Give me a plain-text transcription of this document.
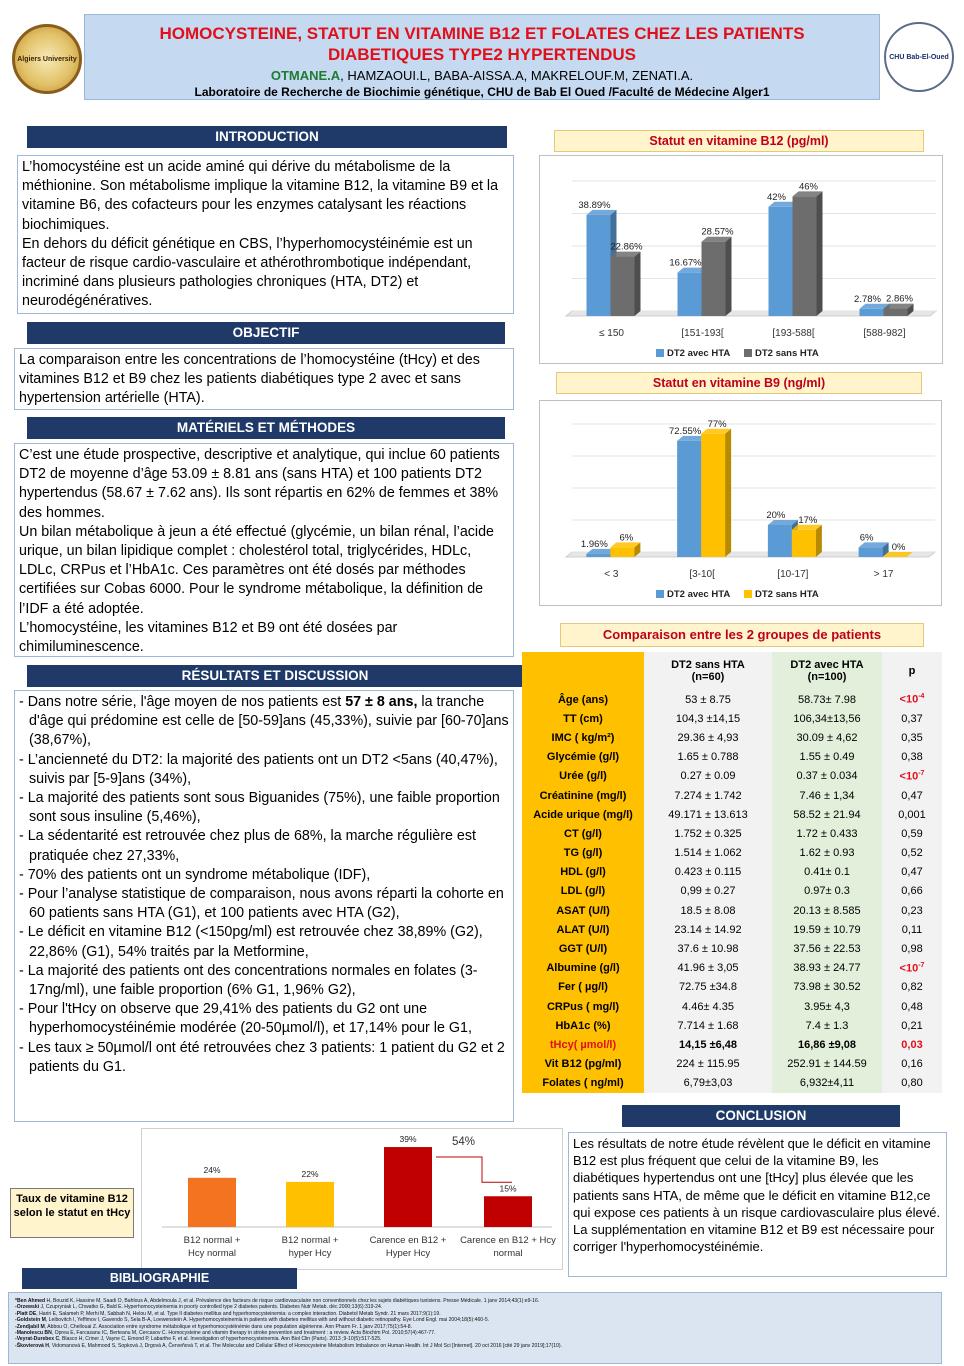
Algiers University
HOMOCYSTEINE, STATUT EN VITAMINE B12 ET FOLATES CHEZ LES PATIENTS
DIABETIQUES TYPE2 HYPERTENDUS
OTMANE.A, HAMZAOUI.L, BABA-AISSA.A, MAKRELOUF.M, ZENATI.A.
Laboratoire de Recherche de Biochimie génétique, CHU de Bab El Oued /Faculté de Médecine Alger1
CHU Bab-El-Oued
INTRODUCTION

L’homocystéine est un acide aminé qui dérive du métabolisme de la méthionine. Son métabolisme implique la vitamine B12, la vitamine B9 et la vitamine B6, des cofacteurs pour les enzymes catalysant les réactions biochimiques.

En dehors du déficit génétique en CBS, l’hyperhomocystéinémie est un facteur de risque cardio-vasculaire et athérothrombotique indépendant, incriminé dans plusieurs pathologies chroniques (HTA, DT2) et neurodégénératives.

OBJECTIF

La comparaison entre les concentrations de l’homocystéine (tHcy) et des vitamines B12 et B9 chez les patients diabétiques type 2 avec et sans hypertension artérielle (HTA).

MATÉRIELS ET MÉTHODES

C’est une étude prospective, descriptive et analytique, qui inclue 60 patients DT2 de moyenne d’âge 53.09 ± 8.81 ans (sans HTA) et 100 patients DT2 hypertendus (58.67 ± 7.62 ans). Ils sont répartis en 62% de femmes et 38% des hommes.

Un bilan métabolique à jeun a été effectué (glycémie, un bilan rénal, l’acide urique, un bilan lipidique complet : cholestérol total, triglycérides, HDLc, LDLc, CRPus et l’HbA1c. Ces paramètres ont été dosés par méthodes certifiées sur Cobas 6000. Pour le syndrome métabolique, la définition de l’IDF a été adoptée.

L’homocystéine, les vitamines B12 et B9 ont été dosées par chimiluminescence.

RÉSULTATS ET DISCUSSION
- Dans notre série, l'âge moyen de nos patients est 57 ± 8 ans, la tranche d'âge qui prédomine est celle de [50-59]ans (45,33%), suivie par [60-70]ans (38,67%),
- L’ancienneté du DT2: la majorité des patients ont un DT2 <5ans (40,47%), suivis par [5-9]ans (34%),
- La majorité des patients sont sous Biguanides (75%), une faible proportion sont sous insuline (5,46%),
- La sédentarité est retrouvée chez plus de 68%, la marche régulière est pratiquée chez 27,33%,
- 70% des patients ont un syndrome métabolique (IDF),
- Pour l’analyse statistique de comparaison, nous avons réparti la cohorte en 60 patients sans HTA (G1), et 100 patients avec HTA (G2),
- Le déficit en vitamine B12 (<150pg/ml) est retrouvée chez 38,89% (G2), 22,86% (G1), 54% traités par la Metformine,
- La majorité des patients ont des concentrations normales en folates (3-17ng/ml), une faible proportion (6% G1, 1,96% G2),
- Pour l'tHcy on observe que 29,41% des patients du G2 ont une hyperhomocystéinémie modérée (20-50µmol/l), et 17,14% pour le G1,
- Les taux ≥ 50µmol/l ont été retrouvées chez 3 patients: 1 patient du G2 et 2 patients du G1.
Statut en vitamine B12 (pg/ml)
38.89%
22.86%
≤ 150
16.67%
28.57%
[151-193[
42%
46%
[193-588[
2.78% 2.86%
[588-982]
DT2 avec HTA	DT2 sans HTA
Statut en vitamine B9 (ng/ml)
1.96%
6%
< 3
72.55%
77%
[3-10[
20% 17%
[10-17]
6%
0%
> 17
DT2 avec HTA	DT2 sans HTA
Comparaison entre les 2 groupes de patients
	DT2 sans HTA
(n=60)	DT2 avec HTA
(n=100)	p
Âge (ans)	53 ± 8.75	58.73± 7.98	$<10^{-4}$
TT (cm)	104,3 ±14,15	106,34±13,56	0,37
IMC ( kg/m²)	29.36 ± 4,93	30.09 ± 4,62	0,35
Glycémie (g/l)	1.65 ± 0.788	1.55 ± 0.49	0,38
Urée (g/l)	0.27 ± 0.09	0.37 ± 0.034	$<10^{-7}$
Créatinine (mg/l)	7.274 ± 1.742	7.46 ± 1,34	0,47
Acide urique (mg/l)	49.171 ± 13.613	58.52 ± 21.94	0,001
CT (g/l)	1.752 ± 0.325	1.72 ± 0.433	0,59
TG (g/l)	1.514 ± 1.062	1.62 ± 0.93	0,52
HDL (g/l)	0.423 ± 0.115	0.41± 0.1	0,47
LDL (g/l)	0,99 ± 0.27	0.97± 0.3	0,66
ASAT (U/l)	18.5 ± 8.08	20.13 ± 8.585	0,23
ALAT (U/l)	23.14 ± 14.92	19.59 ± 10.79	0,11
GGT (U/l)	37.6 ± 10.98	37.56 ± 22.53	0,98
Albumine (g/l)	41.96 ± 3,05	38.93 ± 24.77	$<10^{-7}$
Fer ( µg/l)	72.75 ±34.8	73.98 ± 30.52	0,82
CRPus ( mg/l)	4.46± 4.35	3.95± 4,3	0,48
HbA1c (%)	7.714 ± 1.68	7.4 ± 1.3	0,21
tHcy( µmol/l)	14,15 ±6,48	16,86 ±9,08	0,03
Vit B12 (pg/ml)	224 ± 115.95	252.91 ± 144.59	0,16
Folates ( ng/ml)	6,79±3,03	6,932±4,11	0,80
Taux de vitamine B12 selon le statut en tHcy
24%
B12 normal + Hcy normal
22%
B12 normal + hyper Hcy
39%
Carence en B12 + Hyper Hcy
15%
Carence en B12 + Hcy normal
54%
CONCLUSION

Les résultats de notre étude révèlent que le déficit en vitamine B12 est plus fréquent que celui de la vitamine B9, les diabétiques hypertendus ont une [tHcy] plus élevée que les patients sans HTA, de même que le déficit en vitamine B12,ce qui expose ces patients à un risque cardiovasculaire plus élevé.

La supplémentation en vitamine B12 et B9 est nécessaire pour corriger l'hyperhomocystéinémie.

BIBLIOGRAPHIE
*Ben Ahmed H, Bouzid K, Hassine M, Saadi O, Bahlous A, Abdelmoula J, et al. Prévalence des facteurs de risque cardiovasculaire non conventionnels chez les sujets diabétiques tunisiens. Presse Médicale. 1 janv 2014;43(1):e9-16.
-Orzewski J, Czupryniak L, Chwatko G, Bald E. Hyperhomocysteinemia in poorly controlled type 2 diabetes patients. Diabetes Nutr Metab. déc 2000;13(6):319-24.
-Platt DE, Hariri E, Salameh P, Merhi M, Sabbah N, Helou M, et al. Type II diabetes mellitus and hyperhomocysteinemia: a complex interaction. Diabetol Metab Syndr. 21 mars 2017;9(1):19.
-Goldstein M, Leibovitch I, Yeffimov I, Gavendo S, Sela B-A, Loewenstein A. Hyperhomocysteinemia in patients with diabetes mellitus with and without diabetic retinopathy. Eye Lond Engl. mai 2004;18(5):460-5.
-Zendjabil M, Abbou O, Chellouai Z. Association entre syndrome métabolique et hyperhomocystéinémie dans une population algérienne. Ann Pharm Fr. 1 janv 2017;75(1):54-8.
-Manolescu BN, Oprea E, Farcasanu IC, Berteanu M, Cercasov C. Homocysteine and vitamin therapy in stroke prevention and treatment : a review. Acta Biochim Pol. 2010;57(4):467-77.
-Veyrat-Durebex C, Blasco H, Criner J, Vayne C, Emond P, Labarthe F, et al. Investigation of hyperhomocysteinemia. Ann Biol Clin (Paris). 2013 ;9-10(5):517-525.
-Škovierová H, Vidomanová E, Mahmood S, Sopková J, Drgová A, Červeňová T, et al. The Molecular and Cellular Effect of Homocysteine Metabolism Imbalance on Human Health. Int J Mol Sci [Internet]. 20 oct 2016 [cité 29 janv 2019];17(10).
